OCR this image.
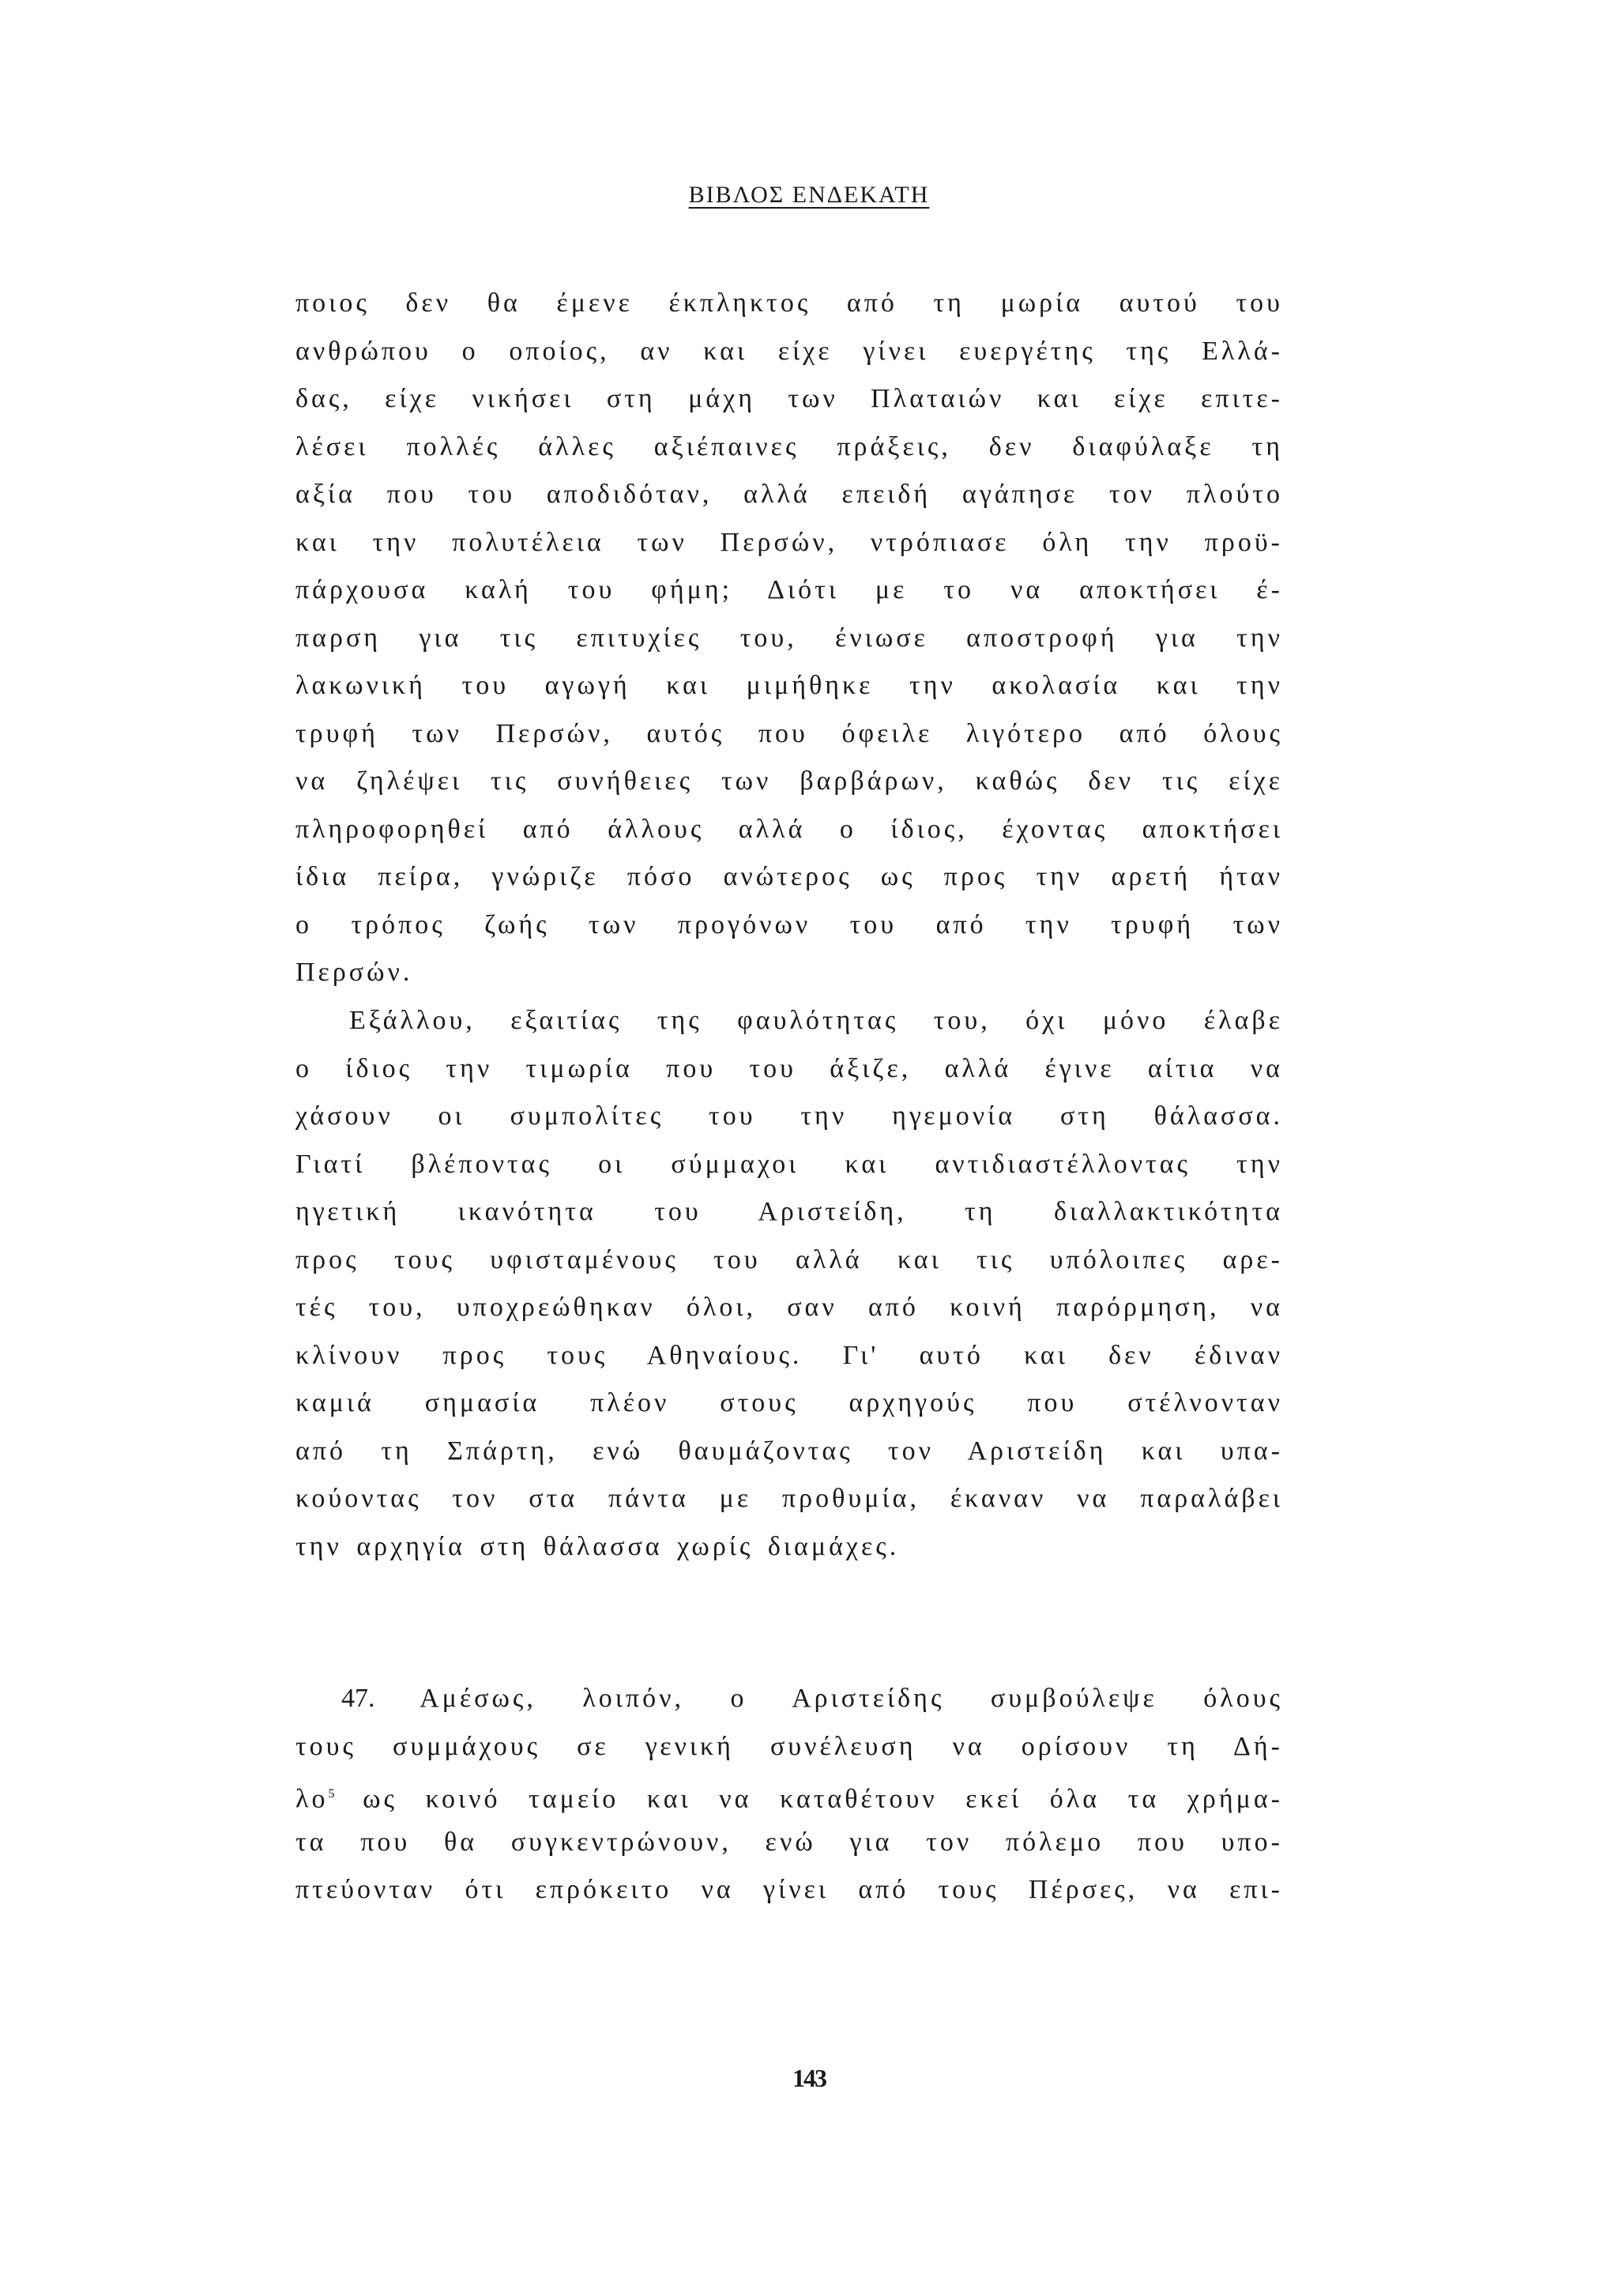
ΒΙΒΛΟΣ ΕΝΔΕΚΑΤΗ
ποιος δεν θα έμενε έκπληκτος από τη μωρία αυτού του
ανθρώπου ο οποίος, αν και είχε γίνει ευεργέτης της Ελλά-
δας, είχε νικήσει στη μάχη των Πλαταιών και είχε επιτε-
λέσει πολλές άλλες αξιέπαινες πράξεις, δεν διαφύλαξε τη
αξία που του αποδιδόταν, αλλά επειδή αγάπησε τον πλούτο
και την πολυτέλεια των Περσών, ντρόπιασε όλη την προϋ-
πάρχουσα καλή του φήμη; Διότι με το να αποκτήσει έ-
παρση για τις επιτυχίες του, ένιωσε αποστροφή για την
λακωνική του αγωγή και μιμήθηκε την ακολασία και την
τρυφή των Περσών, αυτός που όφειλε λιγότερο από όλους
να ζηλέψει τις συνήθειες των βαρβάρων, καθώς δεν τις είχε
πληροφορηθεί από άλλους αλλά ο ίδιος, έχοντας αποκτήσει
ίδια πείρα, γνώριζε πόσο ανώτερος ως προς την αρετή ήταν
ο τρόπος ζωής των προγόνων του από την τρυφή των
Περσών.
Εξάλλου, εξαιτίας της φαυλότητας του, όχι μόνο έλαβε
ο ίδιος την τιμωρία που του άξιζε, αλλά έγινε αίτια να
χάσουν οι συμπολίτες του την ηγεμονία στη θάλασσα.
Γιατί βλέποντας οι σύμμαχοι και αντιδιαστέλλοντας την
ηγετική ικανότητα του Αριστείδη, τη διαλλακτικότητα
προς τους υφισταμένους του αλλά και τις υπόλοιπες αρε-
τές του, υποχρεώθηκαν όλοι, σαν από κοινή παρόρμηση, να
κλίνουν προς τους Αθηναίους. Γι' αυτό και δεν έδιναν
καμιά σημασία πλέον στους αρχηγούς που στέλνονταν
από τη Σπάρτη, ενώ θαυμάζοντας τον Αριστείδη και υπα-
κούοντας τον στα πάντα με προθυμία, έκαναν να παραλάβει
την αρχηγία στη θάλασσα χωρίς διαμάχες.
47. Αμέσως, λοιπόν, ο Αριστείδης συμβούλεψε όλους
τους συμμάχους σε γενική συνέλευση να ορίσουν τη Δή-
λο$^5$ ως κοινό ταμείο και να καταθέτουν εκεί όλα τα χρήμα-
τα που θα συγκεντρώνουν, ενώ για τον πόλεμο που υπο-
πτεύονταν ότι επρόκειτο να γίνει από τους Πέρσες, να επι-
143
